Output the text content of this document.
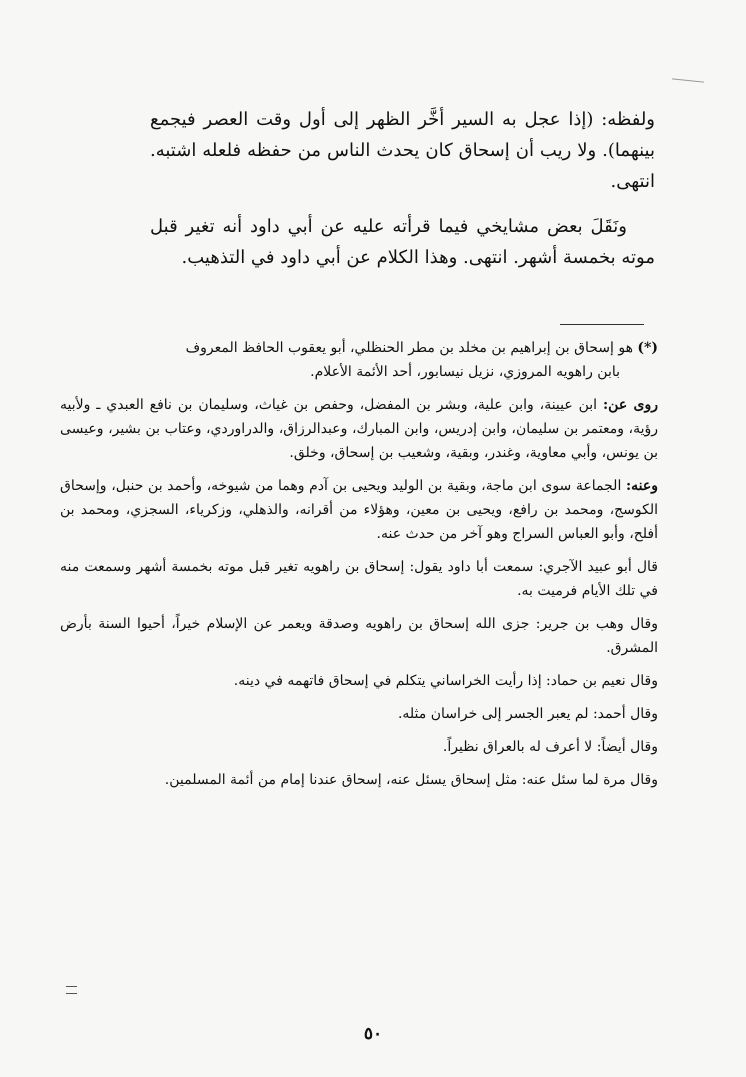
ولفظه: (إذا عجل به السير أخَّر الظهر إلى أول وقت العصر فيجمع بينهما). ولا ريب أن إسحاق كان يحدث الناس من حفظه فلعله اشتبه. انتهى.

ونَقَلَ بعض مشايخي فيما قرأته عليه عن أبي داود أنه تغير قبل موته بخمسة أشهر. انتهى. وهذا الكلام عن أبي داود في التذهيب.

(*) هو إسحاق بن إبراهيم بن مخلد بن مطر الحنظلي، أبو يعقوب الحافظ المعروف
بابن راهويه المروزي، نزيل نيسابور، أحد الأئمة الأعلام.

روى عن: ابن عيينة، وابن علية، وبشر بن المفضل، وحفص بن غياث، وسليمان بن نافع العبدي ـ ولأبيه رؤية، ومعتمر بن سليمان، وابن إدريس، وابن المبارك، وعبدالرزاق، والدراوردي، وعتاب بن بشير، وعيسى بن يونس، وأبي معاوية، وغندر، وبقية، وشعيب بن إسحاق، وخلق.

وعنه: الجماعة سوى ابن ماجة، وبقية بن الوليد ويحيى بن آدم وهما من شيوخه، وأحمد بن حنبل، وإسحاق الكوسج، ومحمد بن رافع، ويحيى بن معين، وهؤلاء من أقرانه، والذهلي، وزكرياء، السجزي، ومحمد بن أفلح، وأبو العباس السراج وهو آخر من حدث عنه.

قال أبو عبيد الآجري: سمعت أبا داود يقول: إسحاق بن راهويه تغير قبل موته بخمسة أشهر وسمعت منه في تلك الأيام فرميت به.

وقال وهب بن جرير: جزى الله إسحاق بن راهويه وصدقة ويعمر عن الإسلام خيراً، أحيوا السنة بأرض المشرق.

وقال نعيم بن حماد: إذا رأيت الخراساني يتكلم في إسحاق فاتهمه في دينه.

وقال أحمد: لم يعبر الجسر إلى خراسان مثله.

وقال أيضاً: لا أعرف له بالعراق نظيراً.

وقال مرة لما سئل عنه: مثل إسحاق يسئل عنه، إسحاق عندنا إمام من أئمة المسلمين.

٥٠
